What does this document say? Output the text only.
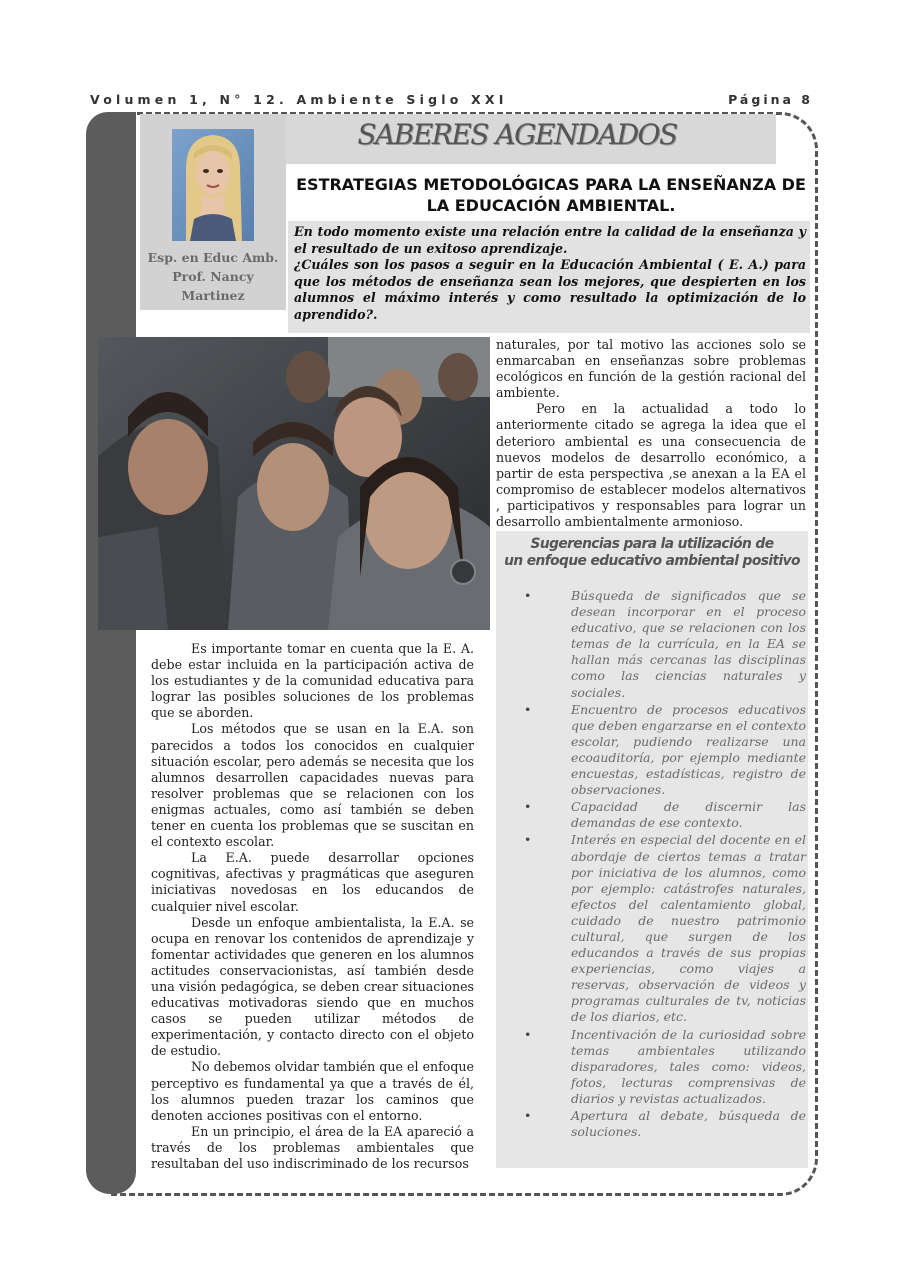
Volumen 1, N° 12. Ambiente Siglo XXI	Página 8
SABERES AGENDADOS
Esp. en Educ Amb.
Prof. Nancy
Martinez
ESTRATEGIAS METODOLÓGICAS PARA LA ENSEÑANZA DE LA EDUCACIÓN AMBIENTAL.

En todo momento existe una relación entre la calidad de la enseñanza y el resultado de un exitoso aprendizaje.

¿Cuáles son los pasos a seguir en la Educación Ambiental ( E. A.) para que los métodos de enseñanza sean los mejores, que despierten en los alumnos el máximo interés y como resultado la optimización de lo aprendido?.

Es importante tomar en cuenta que la E. A. debe estar incluida en la participación activa de los estudiantes y de la comunidad educativa para lograr las posibles soluciones de los problemas que se aborden.

Los métodos que se usan en la E.A. son parecidos a todos los conocidos en cualquier situación escolar, pero además se necesita que los alumnos desarrollen capacidades nuevas para resolver problemas que se relacionen con los enigmas actuales, como así también se deben tener en cuenta los problemas que se suscitan en el contexto escolar.

La E.A. puede desarrollar opciones cognitivas, afectivas y pragmáticas que aseguren iniciativas novedosas en los educandos de cualquier nivel escolar.

Desde un enfoque ambientalista, la E.A. se ocupa en renovar los contenidos de aprendizaje y fomentar actividades que generen en los alumnos actitudes conservacionistas, así también desde una visión pedagógica, se deben crear situaciones educativas motivadoras siendo que en muchos casos se pueden utilizar métodos de experimentación, y contacto directo con el objeto de estudio.

No debemos olvidar también que el enfoque perceptivo es fundamental ya que a través de él, los alumnos pueden trazar los caminos que denoten acciones positivas con el entorno.

En un principio, el área de la EA apareció a través de los problemas ambientales que resultaban del uso indiscriminado de los recursos

naturales, por tal motivo las acciones solo se enmarcaban en enseñanzas sobre problemas ecológicos en función de la gestión racional del ambiente.

Pero en la actualidad a todo lo anteriormente citado se agrega la idea que el deterioro ambiental es una consecuencia de nuevos modelos de desarrollo económico, a partir de esta perspectiva ,se anexan a la EA el compromiso de establecer modelos alternativos , participativos y responsables para lograr un desarrollo ambientalmente armonioso.

Sugerencias para la utilización de
un enfoque educativo ambiental positivo
•	Búsqueda de significados que se desean incorporar en el proceso educativo, que se relacionen con los temas de la currícula, en la EA se hallan más cercanas las disciplinas como las ciencias naturales y sociales.
•	Encuentro de procesos educativos que deben engarzarse en el contexto escolar, pudiendo realizarse una ecoauditoría, por ejemplo mediante encuestas, estadísticas, registro de observaciones.
•	Capacidad de discernir las demandas de ese contexto.
•	Interés en especial del docente en el abordaje de ciertos temas a tratar por iniciativa de los alumnos, como por ejemplo: catástrofes naturales, efectos del calentamiento global, cuidado de nuestro patrimonio cultural, que surgen de los educandos a través de sus propias experiencias, como viajes a reservas, observación de videos y programas culturales de tv, noticias de los diarios, etc.
•	Incentivación de la curiosidad sobre temas ambientales utilizando disparadores, tales como: videos, fotos, lecturas comprensivas de diarios y revistas actualizados.
•	Apertura al debate, búsqueda de soluciones.
